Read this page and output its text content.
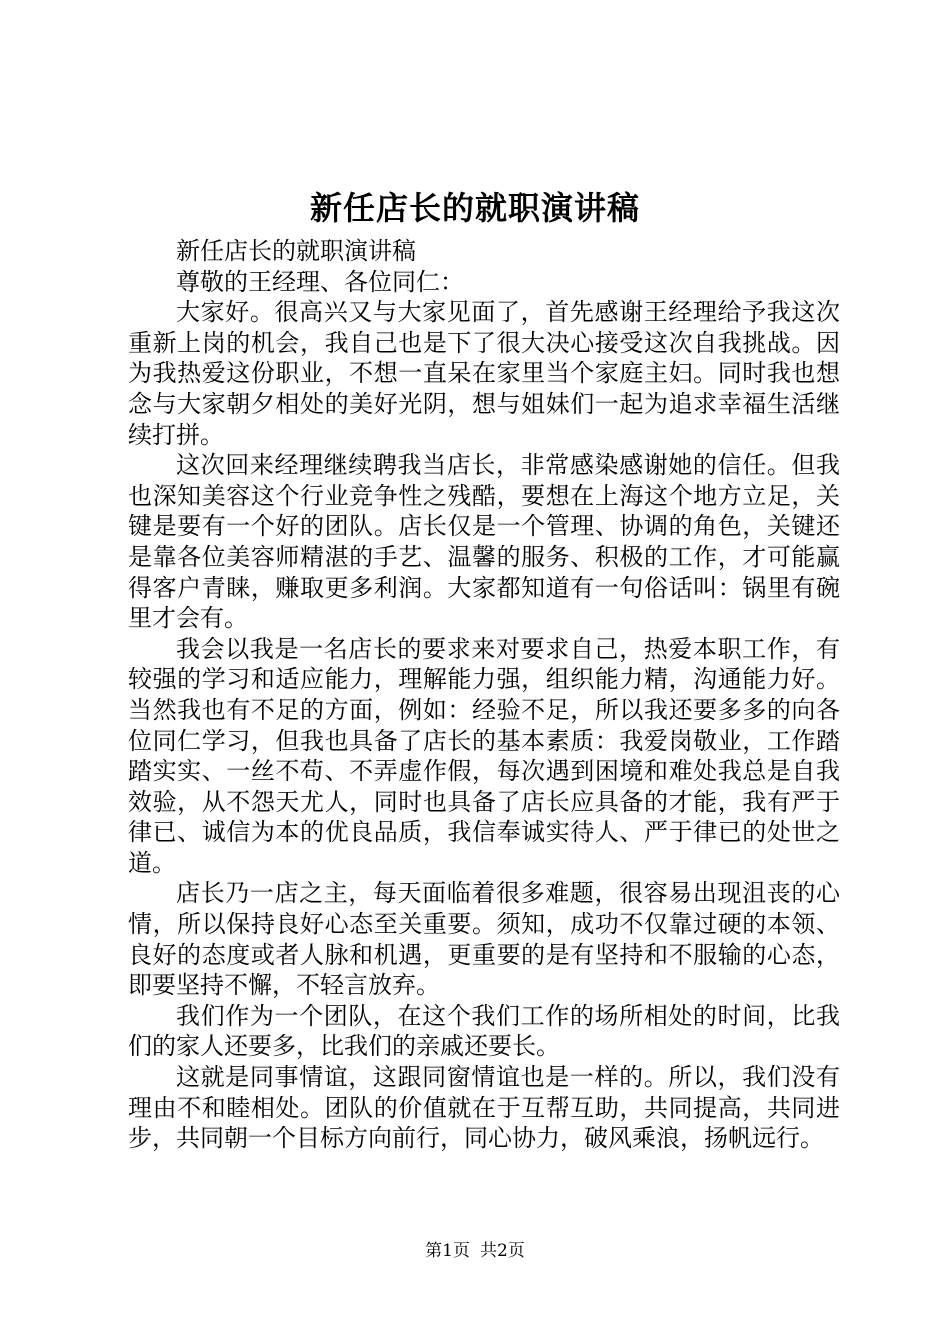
新任店长的就职演讲稿

新任店长的就职演讲稿

尊敬的王经理、各位同仁：

大家好。很高兴又与大家见面了，首先感谢王经理给予我这次重新上岗的机会，我自己也是下了很大决心接受这次自我挑战。因为我热爱这份职业，不想一直呆在家里当个家庭主妇。同时我也想念与大家朝夕相处的美好光阴，想与姐妹们一起为追求幸福生活继续打拼。

这次回来经理继续聘我当店长，非常感染感谢她的信任。但我也深知美容这个行业竞争性之残酷，要想在上海这个地方立足，关键是要有一个好的团队。店长仅是一个管理、协调的角色，关键还是靠各位美容师精湛的手艺、温馨的服务、积极的工作，才可能赢得客户青睐，赚取更多利润。大家都知道有一句俗话叫：锅里有碗里才会有。

我会以我是一名店长的要求来对要求自己，热爱本职工作，有较强的学习和适应能力，理解能力强，组织能力精，沟通能力好。当然我也有不足的方面，例如：经验不足，所以我还要多多的向各位同仁学习，但我也具备了店长的基本素质：我爱岗敬业，工作踏踏实实、一丝不苟、不弄虚作假，每次遇到困境和难处我总是自我效验，从不怨天尤人，同时也具备了店长应具备的才能，我有严于律已、诚信为本的优良品质，我信奉诚实待人、严于律已的处世之道。

店长乃一店之主，每天面临着很多难题，很容易出现沮丧的心情，所以保持良好心态至关重要。须知，成功不仅靠过硬的本领、良好的态度或者人脉和机遇，更重要的是有坚持和不服输的心态，即要坚持不懈，不轻言放弃。

我们作为一个团队，在这个我们工作的场所相处的时间，比我们的家人还要多，比我们的亲戚还要长。

这就是同事情谊，这跟同窗情谊也是一样的。所以，我们没有理由不和睦相处。团队的价值就在于互帮互助，共同提高，共同进步，共同朝一个目标方向前行，同心协力，破风乘浪，扬帆远行。

第1页 共2页
